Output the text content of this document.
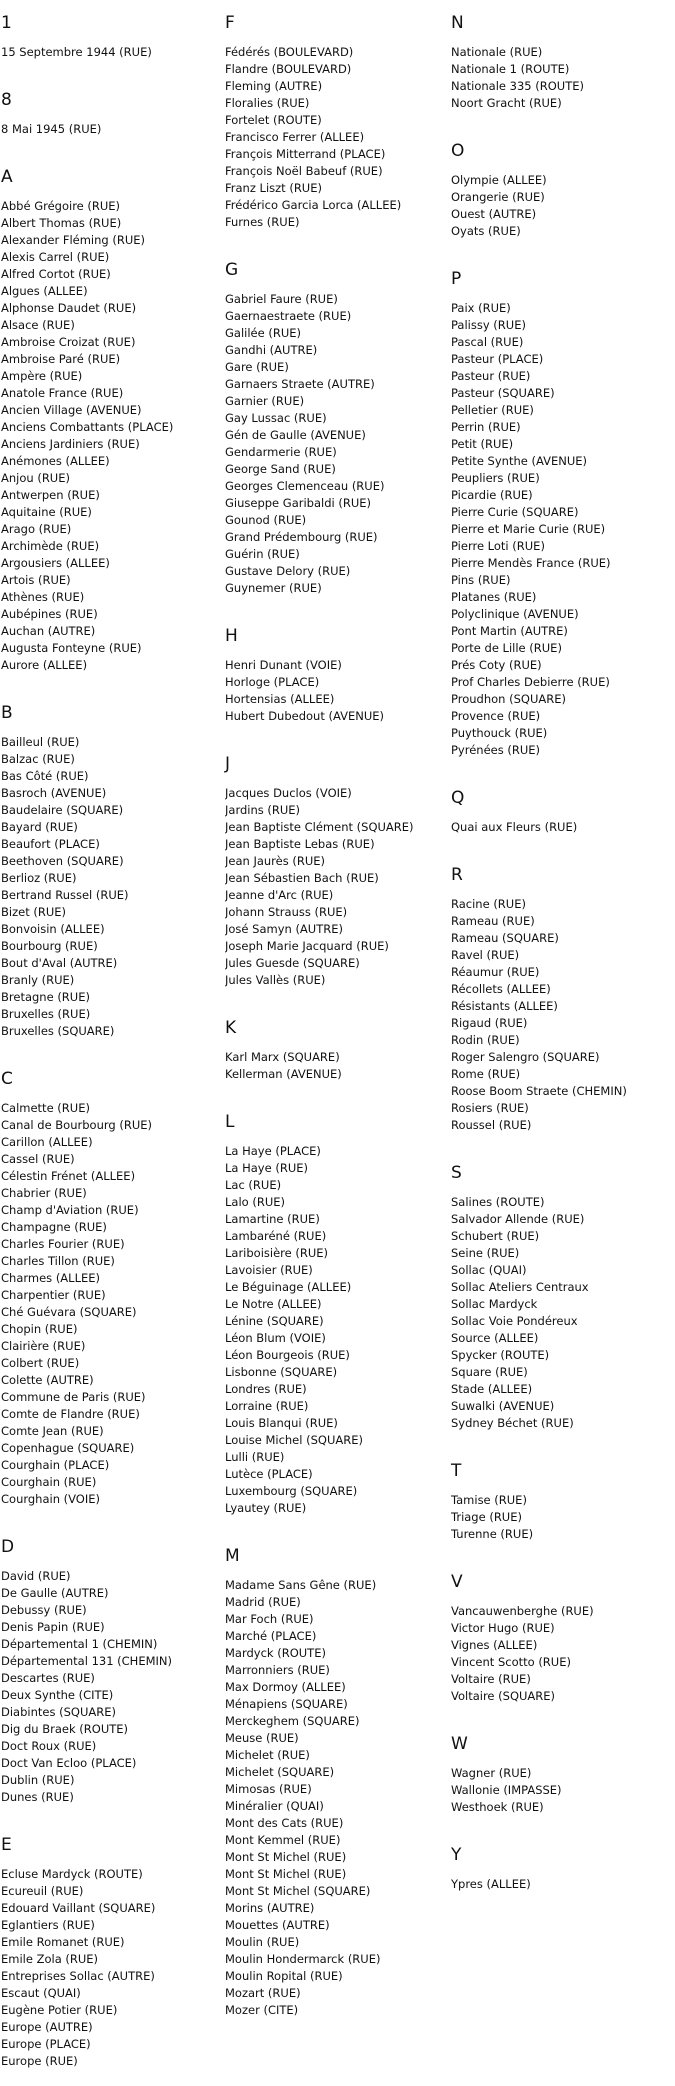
1
15 Septembre 1944 (RUE)
8
8 Mai 1945 (RUE)
A
Abbé Grégoire (RUE)
Albert Thomas (RUE)
Alexander Fléming (RUE)
Alexis Carrel (RUE)
Alfred Cortot (RUE)
Algues (ALLEE)
Alphonse Daudet (RUE)
Alsace (RUE)
Ambroise Croizat (RUE)
Ambroise Paré (RUE)
Ampère (RUE)
Anatole France (RUE)
Ancien Village (AVENUE)
Anciens Combattants (PLACE)
Anciens Jardiniers (RUE)
Anémones (ALLEE)
Anjou (RUE)
Antwerpen (RUE)
Aquitaine (RUE)
Arago (RUE)
Archimède (RUE)
Argousiers (ALLEE)
Artois (RUE)
Athènes (RUE)
Aubépines (RUE)
Auchan (AUTRE)
Augusta Fonteyne (RUE)
Aurore (ALLEE)
B
Bailleul (RUE)
Balzac (RUE)
Bas Côté (RUE)
Basroch (AVENUE)
Baudelaire (SQUARE)
Bayard (RUE)
Beaufort (PLACE)
Beethoven (SQUARE)
Berlioz (RUE)
Bertrand Russel (RUE)
Bizet (RUE)
Bonvoisin (ALLEE)
Bourbourg (RUE)
Bout d'Aval (AUTRE)
Branly (RUE)
Bretagne (RUE)
Bruxelles (RUE)
Bruxelles (SQUARE)
C
Calmette (RUE)
Canal de Bourbourg (RUE)
Carillon (ALLEE)
Cassel (RUE)
Célestin Frénet (ALLEE)
Chabrier (RUE)
Champ d'Aviation (RUE)
Champagne (RUE)
Charles Fourier (RUE)
Charles Tillon (RUE)
Charmes (ALLEE)
Charpentier (RUE)
Ché Guévara (SQUARE)
Chopin (RUE)
Clairière (RUE)
Colbert (RUE)
Colette (AUTRE)
Commune de Paris (RUE)
Comte de Flandre (RUE)
Comte Jean (RUE)
Copenhague (SQUARE)
Courghain (PLACE)
Courghain (RUE)
Courghain (VOIE)
D
David (RUE)
De Gaulle (AUTRE)
Debussy (RUE)
Denis Papin (RUE)
Départemental 1 (CHEMIN)
Départemental 131 (CHEMIN)
Descartes (RUE)
Deux Synthe (CITE)
Diabintes (SQUARE)
Dig du Braek (ROUTE)
Doct Roux (RUE)
Doct Van Ecloo (PLACE)
Dublin (RUE)
Dunes (RUE)
E
Ecluse Mardyck (ROUTE)
Ecureuil (RUE)
Edouard Vaillant (SQUARE)
Eglantiers (RUE)
Emile Romanet (RUE)
Emile Zola (RUE)
Entreprises Sollac (AUTRE)
Escaut (QUAI)
Eugène Potier (RUE)
Europe (AUTRE)
Europe (PLACE)
Europe (RUE)
F
Fédérés (BOULEVARD)
Flandre (BOULEVARD)
Fleming (AUTRE)
Floralies (RUE)
Fortelet (ROUTE)
Francisco Ferrer (ALLEE)
François Mitterrand (PLACE)
François Noël Babeuf (RUE)
Franz Liszt (RUE)
Frédérico Garcia Lorca (ALLEE)
Furnes (RUE)
G
Gabriel Faure (RUE)
Gaernaestraete (RUE)
Galilée (RUE)
Gandhi (AUTRE)
Gare (RUE)
Garnaers Straete (AUTRE)
Garnier (RUE)
Gay Lussac (RUE)
Gén de Gaulle (AVENUE)
Gendarmerie (RUE)
George Sand (RUE)
Georges Clemenceau (RUE)
Giuseppe Garibaldi (RUE)
Gounod (RUE)
Grand Prédembourg (RUE)
Guérin (RUE)
Gustave Delory (RUE)
Guynemer (RUE)
H
Henri Dunant (VOIE)
Horloge (PLACE)
Hortensias (ALLEE)
Hubert Dubedout (AVENUE)
J
Jacques Duclos (VOIE)
Jardins (RUE)
Jean Baptiste Clément (SQUARE)
Jean Baptiste Lebas (RUE)
Jean Jaurès (RUE)
Jean Sébastien Bach (RUE)
Jeanne d'Arc (RUE)
Johann Strauss (RUE)
José Samyn (AUTRE)
Joseph Marie Jacquard (RUE)
Jules Guesde (SQUARE)
Jules Vallès (RUE)
K
Karl Marx (SQUARE)
Kellerman (AVENUE)
L
La Haye (PLACE)
La Haye (RUE)
Lac (RUE)
Lalo (RUE)
Lamartine (RUE)
Lambaréné (RUE)
Lariboisière (RUE)
Lavoisier (RUE)
Le Béguinage (ALLEE)
Le Notre (ALLEE)
Lénine (SQUARE)
Léon Blum (VOIE)
Léon Bourgeois (RUE)
Lisbonne (SQUARE)
Londres (RUE)
Lorraine (RUE)
Louis Blanqui (RUE)
Louise Michel (SQUARE)
Lulli (RUE)
Lutèce (PLACE)
Luxembourg (SQUARE)
Lyautey (RUE)
M
Madame Sans Gêne (RUE)
Madrid (RUE)
Mar Foch (RUE)
Marché (PLACE)
Mardyck (ROUTE)
Marronniers (RUE)
Max Dormoy (ALLEE)
Ménapiens (SQUARE)
Merckeghem (SQUARE)
Meuse (RUE)
Michelet (RUE)
Michelet (SQUARE)
Mimosas (RUE)
Minéralier (QUAI)
Mont des Cats (RUE)
Mont Kemmel (RUE)
Mont St Michel (RUE)
Mont St Michel (RUE)
Mont St Michel (SQUARE)
Morins (AUTRE)
Mouettes (AUTRE)
Moulin (RUE)
Moulin Hondermarck (RUE)
Moulin Ropital (RUE)
Mozart (RUE)
Mozer (CITE)
N
Nationale (RUE)
Nationale 1 (ROUTE)
Nationale 335 (ROUTE)
Noort Gracht (RUE)
O
Olympie (ALLEE)
Orangerie (RUE)
Ouest (AUTRE)
Oyats (RUE)
P
Paix (RUE)
Palissy (RUE)
Pascal (RUE)
Pasteur (PLACE)
Pasteur (RUE)
Pasteur (SQUARE)
Pelletier (RUE)
Perrin (RUE)
Petit (RUE)
Petite Synthe (AVENUE)
Peupliers (RUE)
Picardie (RUE)
Pierre Curie (SQUARE)
Pierre et Marie Curie (RUE)
Pierre Loti (RUE)
Pierre Mendès France (RUE)
Pins (RUE)
Platanes (RUE)
Polyclinique (AVENUE)
Pont Martin (AUTRE)
Porte de Lille (RUE)
Prés Coty (RUE)
Prof Charles Debierre (RUE)
Proudhon (SQUARE)
Provence (RUE)
Puythouck (RUE)
Pyrénées (RUE)
Q
Quai aux Fleurs (RUE)
R
Racine (RUE)
Rameau (RUE)
Rameau (SQUARE)
Ravel (RUE)
Réaumur (RUE)
Récollets (ALLEE)
Résistants (ALLEE)
Rigaud (RUE)
Rodin (RUE)
Roger Salengro (SQUARE)
Rome (RUE)
Roose Boom Straete (CHEMIN)
Rosiers (RUE)
Roussel (RUE)
S
Salines (ROUTE)
Salvador Allende (RUE)
Schubert (RUE)
Seine (RUE)
Sollac (QUAI)
Sollac Ateliers Centraux
Sollac Mardyck
Sollac Voie Pondéreux
Source (ALLEE)
Spycker (ROUTE)
Square (RUE)
Stade (ALLEE)
Suwalki (AVENUE)
Sydney Béchet (RUE)
T
Tamise (RUE)
Triage (RUE)
Turenne (RUE)
V
Vancauwenberghe (RUE)
Victor Hugo (RUE)
Vignes (ALLEE)
Vincent Scotto (RUE)
Voltaire (RUE)
Voltaire (SQUARE)
W
Wagner (RUE)
Wallonie (IMPASSE)
Westhoek (RUE)
Y
Ypres (ALLEE)
